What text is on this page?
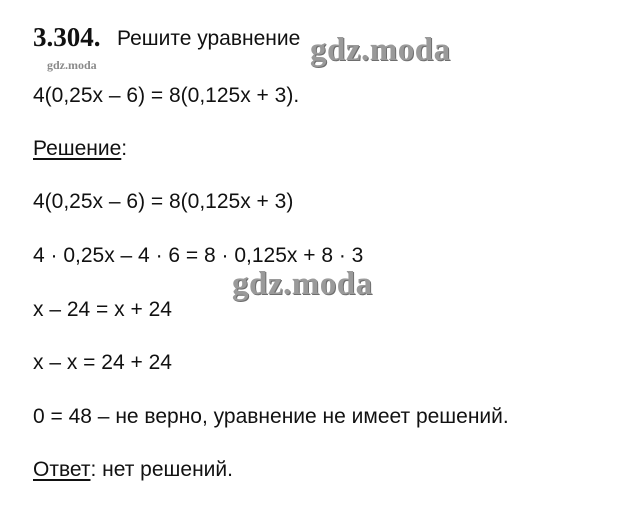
3.304. Решите уравнение gdz.moda
gdz.moda
4(0,25x – 6) = 8(0,125x + 3).
Решение:
4(0,25x – 6) = 8(0,125x + 3)
4 · 0,25x – 4 · 6 = 8 · 0,125x + 8 · 3
gdz.moda
x – 24 = x + 24
x – x = 24 + 24
0 = 48 – не верно, уравнение не имеет решений.
Ответ: нет решений.
